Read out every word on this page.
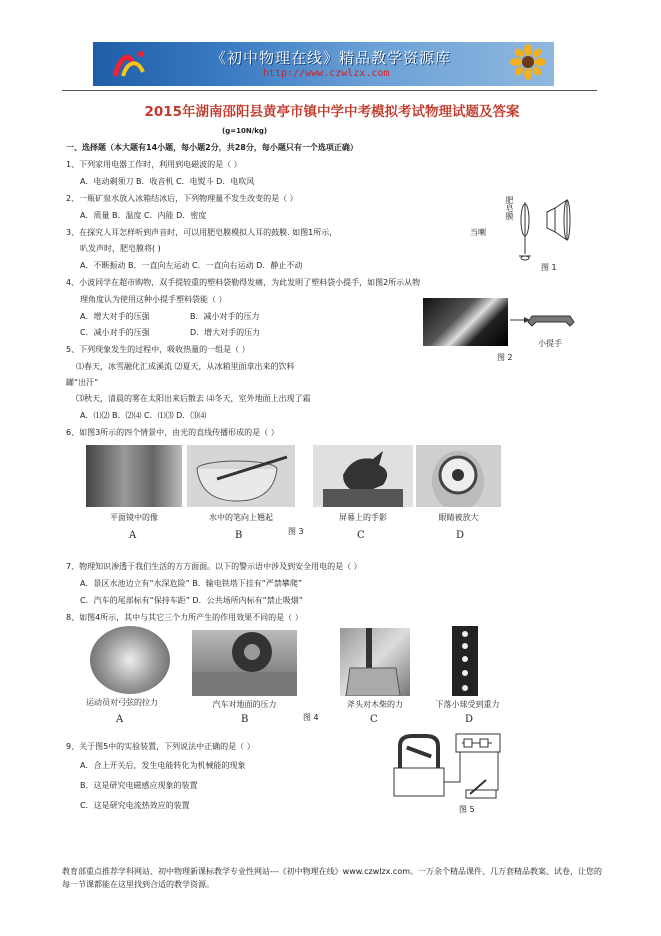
《初中物理在线》精品教学资源库
http://www.czwlzx.com
2015年湖南邵阳县黄亭市镇中学中考模拟考试物理试题及答案
(g=10N/kg)
一、选择题（本大题有14小题，每小题2分，共28分，每小题只有一个选项正确）
1、下列家用电器工作时，利用到电磁波的是（ ）
A．电动剃须刀 B．收音机 C．电熨斗 D．电吹风
2、一瓶矿泉水放入冰箱结冰后，下列物理量不发生改变的是（ ）
A．质量 B．温度 C．内能 D．密度
3、在探究人耳怎样听到声音时，可以用肥皂膜模拟人耳的鼓膜. 如图1所示，	当喇
叭发声时，肥皂膜将( )
A．不断振动 B．一直向左运动 C．一直向右运动 D．静止不动
肥皂膜
图 1
4、小波同学在超市购物，双手提较重的塑料袋勒得发痛，为此发明了塑料袋小提手，如图2所示从物
理角度认为使用这种小提手塑料袋能（ ）
A．增大对手的压强	B．减小对手的压力
C．减小对手的压强	D．增大对手的压力
小提手
图 2
5、下列现象发生的过程中，吸收热量的一组是（ ）
⑴春天，冰雪融化汇成溪流 ⑵夏天，从冰箱里面拿出来的饮料
罐“出汗”
⑶秋天，清晨的雾在太阳出来后散去 ⑷冬天，室外地面上出现了霜
A．⑴⑵ B．⑵⑷ C．⑴⑶ D．⑶⑷
6、如图3所示的四个情景中，由光的直线传播形成的是（ ）
平面镜中的像	水中的笔向上翘起	屏幕上的手影	眼睛被放大
图 3
A	B	C	D
7、物理知识渗透于我们生活的方方面面。以下的警示语中涉及到安全用电的是（ ）
A．景区水池边立有“水深危险” B．输电铁塔下挂有“严禁攀爬”
C．汽车的尾部标有“保持车距” D．公共场所内标有“禁止吸烟”
8、如图4所示，其中与其它三个力所产生的作用效果不同的是（ ）
运动员对弓弦的拉力	汽车对地面的压力	斧头对木柴的力	下落小球受到重力
图 4
A	B	C	D
9、关于图5中的实验装置，下列说法中正确的是（ ）
A．合上开关后，发生电能转化为机械能的现象
B．这是研究电磁感应现象的装置
C．这是研究电流热效应的装置	图 5
教育部重点推荐学科网站、初中物理新课标教学专业性网站---《初中物理在线》www.czwlzx.com。一万余个精品课件、几万套精品教案、试卷，让您的每一节课都能在这里找到合适的教学资源。
